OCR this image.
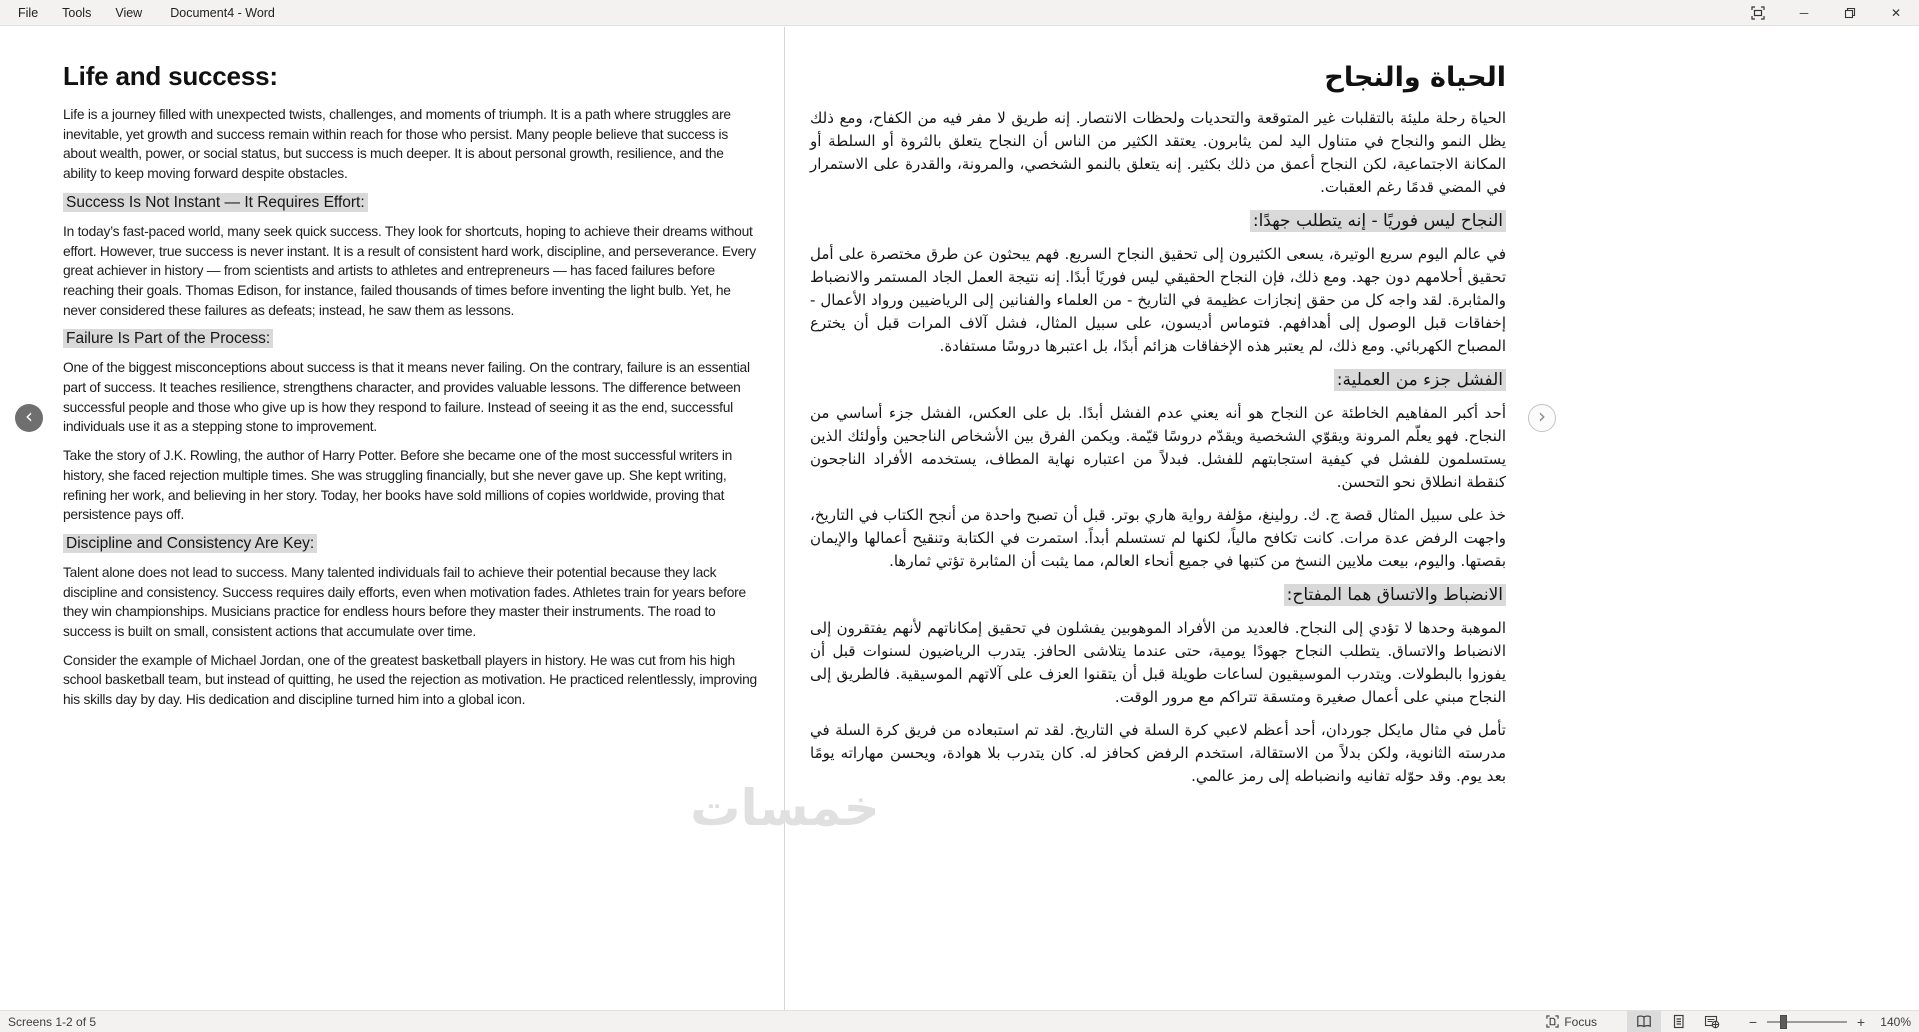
File Tools View Document4 - Word	─	✕
Life and success:

Life is a journey filled with unexpected twists, challenges, and moments of triumph. It is a path where struggles are inevitable, yet growth and success remain within reach for those who persist. Many people believe that success is about wealth, power, or social status, but success is much deeper. It is about personal growth, resilience, and the ability to keep moving forward despite obstacles.

Success Is Not Instant — It Requires Effort:

In today’s fast-paced world, many seek quick success. They look for shortcuts, hoping to achieve their dreams without effort. However, true success is never instant. It is a result of consistent hard work, discipline, and perseverance. Every great achiever in history — from scientists and artists to athletes and entrepreneurs — has faced failures before reaching their goals. Thomas Edison, for instance, failed thousands of times before inventing the light bulb. Yet, he never considered these failures as defeats; instead, he saw them as lessons.

Failure Is Part of the Process:

One of the biggest misconceptions about success is that it means never failing. On the contrary, failure is an essential part of success. It teaches resilience, strengthens character, and provides valuable lessons. The difference between successful people and those who give up is how they respond to failure. Instead of seeing it as the end, successful individuals use it as a stepping stone to improvement.

Take the story of J.K. Rowling, the author of Harry Potter. Before she became one of the most successful writers in history, she faced rejection multiple times. She was struggling financially, but she never gave up. She kept writing, refining her work, and believing in her story. Today, her books have sold millions of copies worldwide, proving that persistence pays off.

Discipline and Consistency Are Key:

Talent alone does not lead to success. Many talented individuals fail to achieve their potential because they lack discipline and consistency. Success requires daily efforts, even when motivation fades. Athletes train for years before they win championships. Musicians practice for endless hours before they master their instruments. The road to success is built on small, consistent actions that accumulate over time.

Consider the example of Michael Jordan, one of the greatest basketball players in history. He was cut from his high school basketball team, but instead of quitting, he used the rejection as motivation. He practiced relentlessly, improving his skills day by day. His dedication and discipline turned him into a global icon.

الحياة والنجاح

الحياة رحلة مليئة بالتقلبات غير المتوقعة والتحديات ولحظات الانتصار. إنه طريق لا مفر فيه من الكفاح، ومع ذلك يظل النمو والنجاح في متناول اليد لمن يثابرون. يعتقد الكثير من الناس أن النجاح يتعلق بالثروة أو السلطة أو المكانة الاجتماعية، لكن النجاح أعمق من ذلك بكثير. إنه يتعلق بالنمو الشخصي، والمرونة، والقدرة على الاستمرار في المضي قدمًا رغم العقبات.

النجاح ليس فوريًا - إنه يتطلب جهدًا:

في عالم اليوم سريع الوتيرة، يسعى الكثيرون إلى تحقيق النجاح السريع. فهم يبحثون عن طرق مختصرة على أمل تحقيق أحلامهم دون جهد. ومع ذلك، فإن النجاح الحقيقي ليس فوريًا أبدًا. إنه نتيجة العمل الجاد المستمر والانضباط والمثابرة. لقد واجه كل من حقق إنجازات عظيمة في التاريخ - من العلماء والفنانين إلى الرياضيين ورواد الأعمال - إخفاقات قبل الوصول إلى أهدافهم. فتوماس أديسون، على سبيل المثال، فشل آلاف المرات قبل أن يخترع المصباح الكهربائي. ومع ذلك، لم يعتبر هذه الإخفاقات هزائم أبدًا، بل اعتبرها دروسًا مستفادة.

الفشل جزء من العملية:

أحد أكبر المفاهيم الخاطئة عن النجاح هو أنه يعني عدم الفشل أبدًا. بل على العكس، الفشل جزء أساسي من النجاح. فهو يعلّم المرونة ويقوّي الشخصية ويقدّم دروسًا قيّمة. ويكمن الفرق بين الأشخاص الناجحين وأولئك الذين يستسلمون للفشل في كيفية استجابتهم للفشل. فبدلاً من اعتباره نهاية المطاف، يستخدمه الأفراد الناجحون كنقطة انطلاق نحو التحسن.

خذ على سبيل المثال قصة ج. ك. رولينغ، مؤلفة رواية هاري بوتر. قبل أن تصبح واحدة من أنجح الكتاب في التاريخ، واجهت الرفض عدة مرات. كانت تكافح مالياً، لكنها لم تستسلم أبداً. استمرت في الكتابة وتنقيح أعمالها والإيمان بقصتها. واليوم، بيعت ملايين النسخ من كتبها في جميع أنحاء العالم، مما يثبت أن المثابرة تؤتي ثمارها.

الانضباط والاتساق هما المفتاح:

الموهبة وحدها لا تؤدي إلى النجاح. فالعديد من الأفراد الموهوبين يفشلون في تحقيق إمكاناتهم لأنهم يفتقرون إلى الانضباط والاتساق. يتطلب النجاح جهودًا يومية، حتى عندما يتلاشى الحافز. يتدرب الرياضيون لسنوات قبل أن يفوزوا بالبطولات. ويتدرب الموسيقيون لساعات طويلة قبل أن يتقنوا العزف على آلاتهم الموسيقية. فالطريق إلى النجاح مبني على أعمال صغيرة ومتسقة تتراكم مع مرور الوقت.

تأمل في مثال مايكل جوردان، أحد أعظم لاعبي كرة السلة في التاريخ. لقد تم استبعاده من فريق كرة السلة في مدرسته الثانوية، ولكن بدلاً من الاستقالة، استخدم الرفض كحافز له. كان يتدرب بلا هوادة، ويحسن مهاراته يومًا بعد يوم. وقد حوّله تفانيه وانضباطه إلى رمز عالمي.

‹	›
خمسات
Screens 1-2 of 5	Focus	−	+	140%
